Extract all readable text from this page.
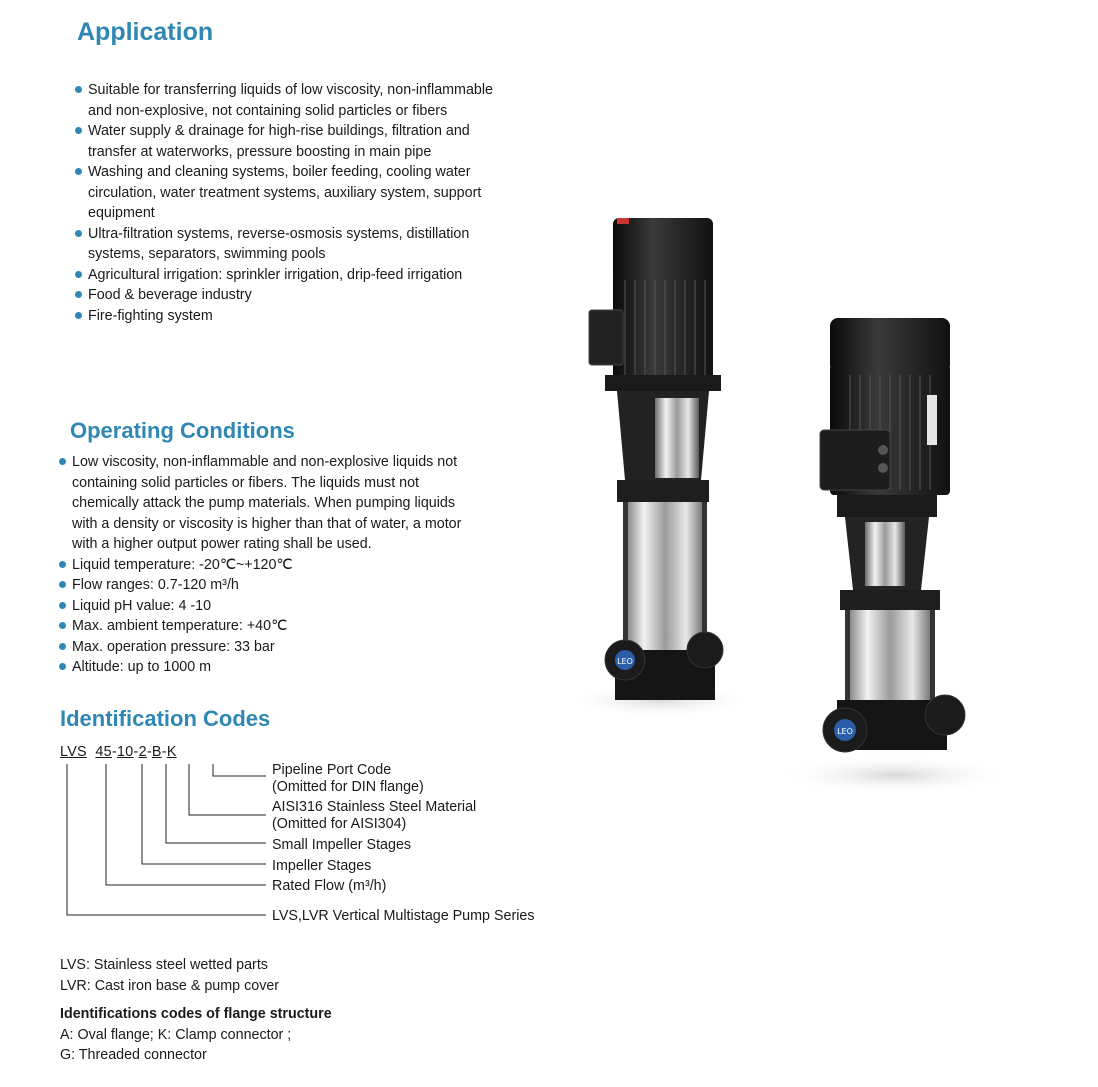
Application
Suitable for transferring liquids of low viscosity, non-inflammable and non-explosive, not containing solid particles or fibers
Water supply & drainage for high-rise buildings, filtration and transfer at waterworks, pressure boosting in main pipe
Washing and cleaning systems, boiler feeding, cooling water circulation, water treatment systems, auxiliary system, support equipment
Ultra-filtration systems, reverse-osmosis systems, distillation systems, separators, swimming pools
Agricultural irrigation: sprinkler irrigation, drip-feed irrigation
Food & beverage industry
Fire-fighting system
Operating Conditions
Low viscosity, non-inflammable and non-explosive liquids not containing solid particles or fibers. The liquids must not chemically attack the pump materials. When pumping liquids with a density or viscosity is higher than that of water, a motor with a higher output power rating shall be used.
Liquid temperature: -20℃~+120℃
Flow ranges: 0.7-120 m³/h
Liquid pH value: 4 -10
Max. ambient temperature: +40℃
Max. operation pressure: 33 bar
Altitude: up to 1000 m
Identification Codes
LVS 45-10-2-B-K
Pipeline Port Code
(Omitted for DIN flange)
AISI316 Stainless Steel Material
(Omitted for AISI304)
Small Impeller Stages
Impeller Stages
Rated Flow (m³/h)
LVS,LVR Vertical Multistage Pump Series
LVS: Stainless steel wetted parts
LVR: Cast iron base & pump cover
Identifications codes of flange structure
A: Oval flange; K: Clamp connector ;
G: Threaded connector
LEO
LEO
